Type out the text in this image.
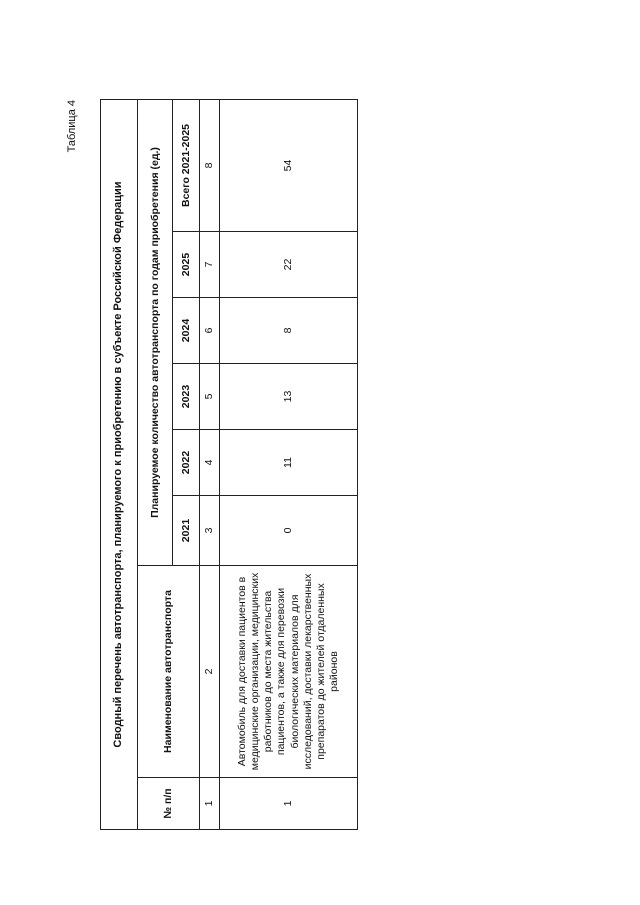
Таблица 4
Сводный перечень автотранспорта, планируемого к приобретению в субъекте Российской Федерации							
№ п/п	Наименование автотранспорта	Планируемое количество автотранспорта по годам приобретения (ед.)					
		2021	2022	2023	2024	2025	Всего 2021-2025
1	2	3	4	5	6	7	8
1	Автомобиль для доставки пациентов в медицинские организации, медицинских работников до места жительства пациентов, а также для перевозки биологических материалов для исследований, доставки лекарственных препаратов до жителей отдаленных районов	0	11	13	8	22	54
